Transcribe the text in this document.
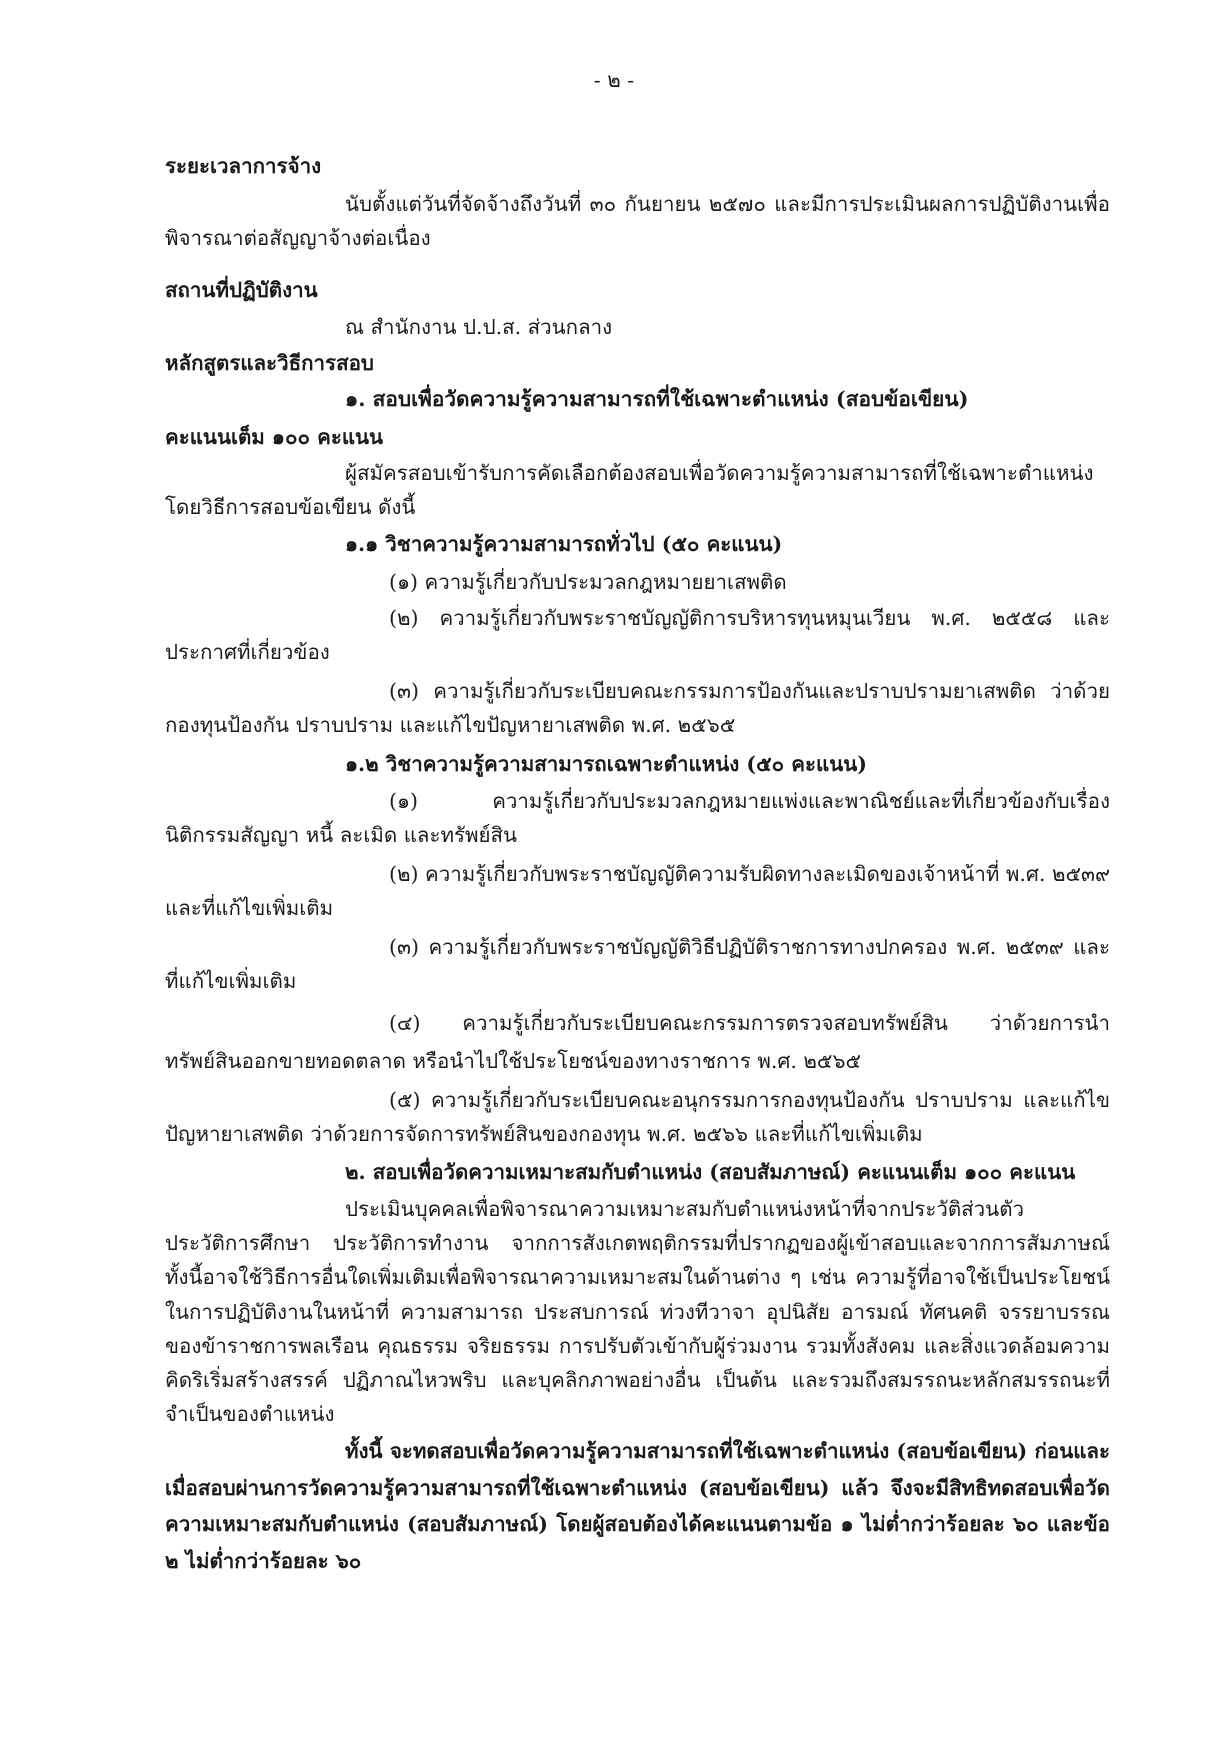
- ๒ -
ระยะเวลาการจ้าง
นับตั้งแต่วันที่จัดจ้างถึงวันที่ ๓๐ กันยายน ๒๕๗๐ และมีการประเมินผลการปฏิบัติงานเพื่อพิจารณาต่อสัญญาจ้างต่อเนื่อง
สถานที่ปฏิบัติงาน
ณ สำนักงาน ป.ป.ส. ส่วนกลาง
หลักสูตรและวิธีการสอบ
๑. สอบเพื่อวัดความรู้ความสามารถที่ใช้เฉพาะตำแหน่ง (สอบข้อเขียน)
คะแนนเต็ม ๑๐๐ คะแนน
ผู้สมัครสอบเข้ารับการคัดเลือกต้องสอบเพื่อวัดความรู้ความสามารถที่ใช้เฉพาะตำแหน่งโดยวิธีการสอบข้อเขียน ดังนี้
๑.๑ วิชาความรู้ความสามารถทั่วไป (๕๐ คะแนน)
(๑) ความรู้เกี่ยวกับประมวลกฎหมายยาเสพติด
(๒) ความรู้เกี่ยวกับพระราชบัญญัติการบริหารทุนหมุนเวียน พ.ศ. ๒๕๕๘ และประกาศที่เกี่ยวข้อง
(๓) ความรู้เกี่ยวกับระเบียบคณะกรรมการป้องกันและปราบปรามยาเสพติด ว่าด้วยกองทุนป้องกัน ปราบปราม และแก้ไขปัญหายาเสพติด พ.ศ. ๒๕๖๕
๑.๒ วิชาความรู้ความสามารถเฉพาะตำแหน่ง (๕๐ คะแนน)
(๑) ความรู้เกี่ยวกับประมวลกฎหมายแพ่งและพาณิชย์และที่เกี่ยวข้องกับเรื่องนิติกรรมสัญญา หนี้ ละเมิด และทรัพย์สิน
(๒) ความรู้เกี่ยวกับพระราชบัญญัติความรับผิดทางละเมิดของเจ้าหน้าที่ พ.ศ. ๒๕๓๙ และที่แก้ไขเพิ่มเติม
(๓) ความรู้เกี่ยวกับพระราชบัญญัติวิธีปฏิบัติราชการทางปกครอง พ.ศ. ๒๕๓๙ และที่แก้ไขเพิ่มเติม
(๔) ความรู้เกี่ยวกับระเบียบคณะกรรมการตรวจสอบทรัพย์สิน ว่าด้วยการนำทรัพย์สินออกขายทอดตลาด หรือนำไปใช้ประโยชน์ของทางราชการ พ.ศ. ๒๕๖๕
(๕) ความรู้เกี่ยวกับระเบียบคณะอนุกรรมการกองทุนป้องกัน ปราบปราม และแก้ไขปัญหายาเสพติด ว่าด้วยการจัดการทรัพย์สินของกองทุน พ.ศ. ๒๕๖๖ และที่แก้ไขเพิ่มเติม
๒. สอบเพื่อวัดความเหมาะสมกับตำแหน่ง (สอบสัมภาษณ์) คะแนนเต็ม ๑๐๐ คะแนน
ประเมินบุคคลเพื่อพิจารณาความเหมาะสมกับตำแหน่งหน้าที่จากประวัติส่วนตัว ประวัติการศึกษา ประวัติการทำงาน จากการสังเกตพฤติกรรมที่ปรากฏของผู้เข้าสอบและจากการสัมภาษณ์ ทั้งนี้อาจใช้วิธีการอื่นใดเพิ่มเติมเพื่อพิจารณาความเหมาะสมในด้านต่าง ๆ เช่น ความรู้ที่อาจใช้เป็นประโยชน์ในการปฏิบัติงานในหน้าที่ ความสามารถ ประสบการณ์ ท่วงทีวาจา อุปนิสัย อารมณ์ ทัศนคติ จรรยาบรรณของข้าราชการพลเรือน คุณธรรม จริยธรรม การปรับตัวเข้ากับผู้ร่วมงาน รวมทั้งสังคม และสิ่งแวดล้อมความคิดริเริ่มสร้างสรรค์ ปฏิภาณไหวพริบ และบุคลิกภาพอย่างอื่น เป็นต้น และรวมถึงสมรรถนะหลักสมรรถนะที่จำเป็นของตำแหน่ง
ทั้งนี้ จะทดสอบเพื่อวัดความรู้ความสามารถที่ใช้เฉพาะตำแหน่ง (สอบข้อเขียน) ก่อนและเมื่อสอบผ่านการวัดความรู้ความสามารถที่ใช้เฉพาะตำแหน่ง (สอบข้อเขียน) แล้ว จึงจะมีสิทธิทดสอบเพื่อวัดความเหมาะสมกับตำแหน่ง (สอบสัมภาษณ์) โดยผู้สอบต้องได้คะแนนตามข้อ ๑ ไม่ต่ำกว่าร้อยละ ๖๐ และข้อ ๒ ไม่ต่ำกว่าร้อยละ ๖๐
